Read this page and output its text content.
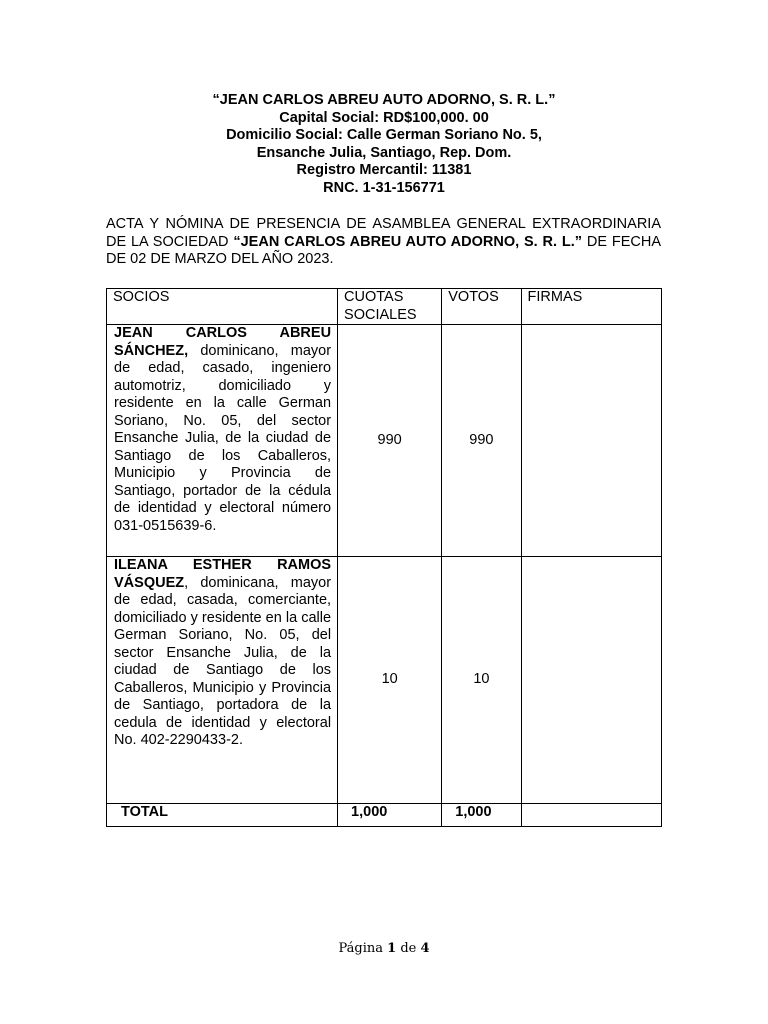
“JEAN CARLOS ABREU AUTO ADORNO, S. R. L.”
Capital Social: RD$100,000. 00
Domicilio Social: Calle German Soriano No. 5,
Ensanche Julia, Santiago, Rep. Dom.
Registro Mercantil: 11381
RNC. 1-31-156771
ACTA Y NÓMINA DE PRESENCIA DE ASAMBLEA GENERAL EXTRAORDINARIA DE LA SOCIEDAD “JEAN CARLOS ABREU AUTO ADORNO, S. R. L.” DE FECHA DE 02 DE MARZO DEL AÑO 2023.
SOCIOS	CUOTAS SOCIALES	VOTOS	FIRMAS
JEAN CARLOS ABREU SÁNCHEZ, dominicano, mayor de edad, casado, ingeniero automotriz, domiciliado y residente en la calle German Soriano, No. 05, del sector Ensanche Julia, de la ciudad de Santiago de los Caballeros, Municipio y Provincia de Santiago, portador de la cédula de identidad y electoral número 031-0515639-6.	990	990	
ILEANA ESTHER RAMOS VÁSQUEZ, dominicana, mayor de edad, casada, comerciante, domiciliado y residente en la calle German Soriano, No. 05, del sector Ensanche Julia, de la ciudad de Santiago de los Caballeros, Municipio y Provincia de Santiago, portadora de la cedula de identidad y electoral No. 402-2290433-2.	10	10	
TOTAL	1,000	1,000	
Página 1 de 4
